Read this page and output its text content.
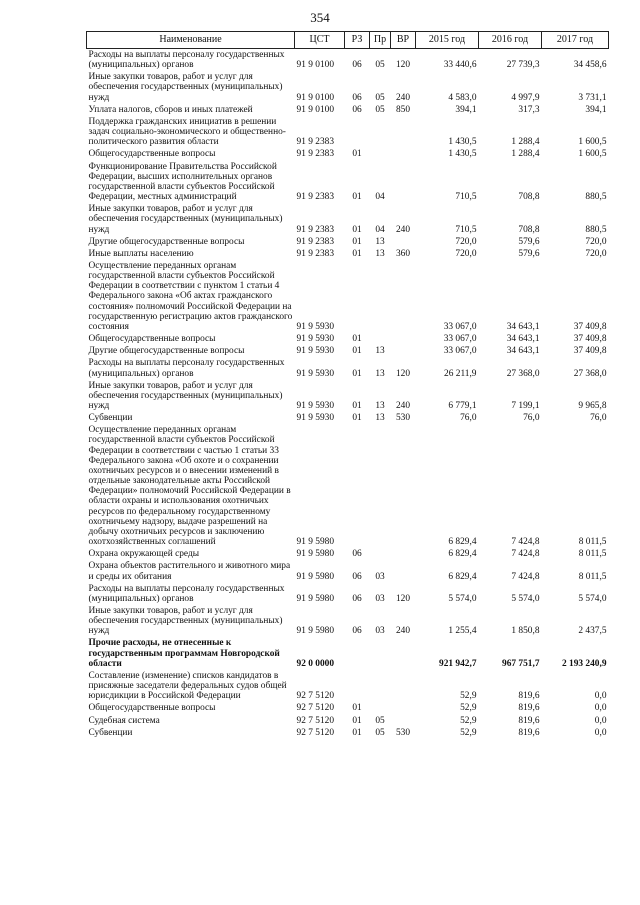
354
Наименование	ЦСТ	РЗ	Пр	ВР	2015 год	2016 год	2017 год
Расходы на выплаты персоналу государственных (муниципальных) органов	91 9 0100	06	05	120	33 440,6	27 739,3	34 458,6
Иные закупки товаров, работ и услуг для обеспечения государственных (муниципальных) нужд	91 9 0100	06	05	240	4 583,0	4 997,9	3 731,1
Уплата налогов, сборов и иных платежей	91 9 0100	06	05	850	394,1	317,3	394,1
Поддержка гражданских инициатив в решении задач социально-экономического и общественно-политического развития области	91 9 2383				1 430,5	1 288,4	1 600,5
Общегосударственные вопросы	91 9 2383	01			1 430,5	1 288,4	1 600,5
Функционирование Правительства Российской Федерации, высших исполнительных органов государственной власти субъектов Российской Федерации, местных администраций	91 9 2383	01	04		710,5	708,8	880,5
Иные закупки товаров, работ и услуг для обеспечения государственных (муниципальных) нужд	91 9 2383	01	04	240	710,5	708,8	880,5
Другие общегосударственные вопросы	91 9 2383	01	13		720,0	579,6	720,0
Иные выплаты населению	91 9 2383	01	13	360	720,0	579,6	720,0
Осуществление переданных органам государственной власти субъектов Российской Федерации в соответствии с пунктом 1 статьи 4 Федерального закона «Об актах гражданского состояния» полномочий Российской Федерации на государственную регистрацию актов гражданского состояния	91 9 5930				33 067,0	34 643,1	37 409,8
Общегосударственные вопросы	91 9 5930	01			33 067,0	34 643,1	37 409,8
Другие общегосударственные вопросы	91 9 5930	01	13		33 067,0	34 643,1	37 409,8
Расходы на выплаты персоналу государственных (муниципальных) органов	91 9 5930	01	13	120	26 211,9	27 368,0	27 368,0
Иные закупки товаров, работ и услуг для обеспечения государственных (муниципальных) нужд	91 9 5930	01	13	240	6 779,1	7 199,1	9 965,8
Субвенции	91 9 5930	01	13	530	76,0	76,0	76,0
Осуществление переданных органам государственной власти субъектов Российской Федерации в соответствии с частью 1 статьи 33 Федерального закона «Об охоте и о сохранении охотничьих ресурсов и о внесении изменений в отдельные законодательные акты Российской Федерации» полномочий Российской Федерации в области охраны и использования охотничьих ресурсов по федеральному государственному охотничьему надзору, выдаче разрешений на добычу охотничьих ресурсов и заключению охотхозяйственных соглашений	91 9 5980				6 829,4	7 424,8	8 011,5
Охрана окружающей среды	91 9 5980	06			6 829,4	7 424,8	8 011,5
Охрана объектов растительного и животного мира и среды их обитания	91 9 5980	06	03		6 829,4	7 424,8	8 011,5
Расходы на выплаты персоналу государственных (муниципальных) органов	91 9 5980	06	03	120	5 574,0	5 574,0	5 574,0
Иные закупки товаров, работ и услуг для обеспечения государственных (муниципальных) нужд	91 9 5980	06	03	240	1 255,4	1 850,8	2 437,5
Прочие расходы, не отнесенные к государственным программам Новгородской области	92 0 0000				921 942,7	967 751,7	2 193 240,9
Составление (изменение) списков кандидатов в присяжные заседатели федеральных судов общей юрисдикции в Российской Федерации	92 7 5120				52,9	819,6	0,0
Общегосударственные вопросы	92 7 5120	01			52,9	819,6	0,0
Судебная система	92 7 5120	01	05		52,9	819,6	0,0
Субвенции	92 7 5120	01	05	530	52,9	819,6	0,0
